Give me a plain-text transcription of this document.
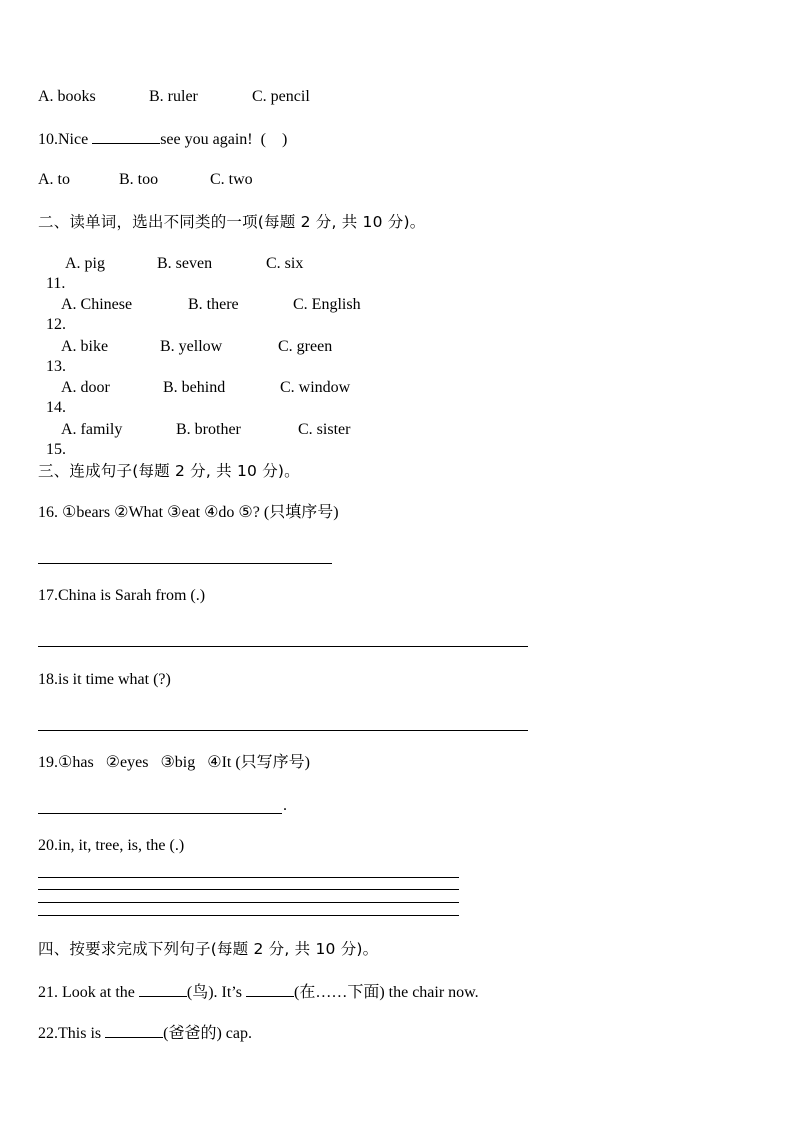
A. books

	B. ruler

	C. pencil

10.Nice	see you again! (    )

A. to

	B. too

	C. two

二、读单词，选出不同类的一项(每题 2 分, 共 10 分)。

11.

A. pig

	B. seven

	C. six

12.

A. Chinese

	B. there

	C. English

13.

A. bike

	B. yellow

	C. green

14.

A. door

	B. behind

	C. window

15.

A. family

	B. brother

	C. sister

三、连成句子(每题 2 分, 共 10 分)。
16. ①bears ②What ③eat ④do ⑤? (只填序号)
17.China is Sarah from (.)
18.is it time what (?)
19.①has   ②eyes   ③big   ④It (只写序号)
.
20.in, it, tree, is, the (.)
四、按要求完成下列句子(每题 2 分, 共 10 分)。
21. Look at the	(鸟). It’s	(在……下面) the chair now.
22.This is	(爸爸的) cap.
